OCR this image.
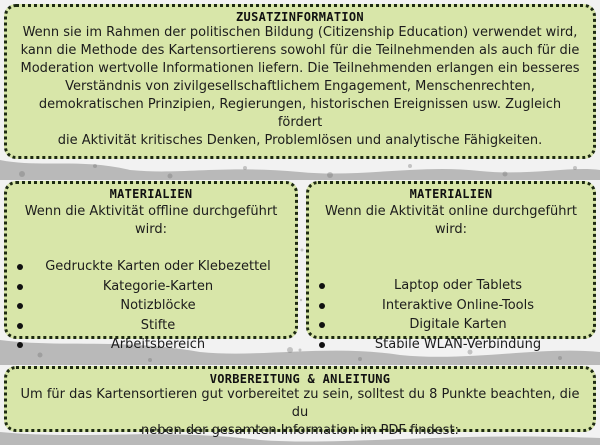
ZUSATZINFORMATION
Wenn sie im Rahmen der politischen Bildung (Citizenship Education) verwendet wird,
kann die Methode des Kartensortierens sowohl für die Teilnehmenden als auch für die
Moderation wertvolle Informationen liefern. Die Teilnehmenden erlangen ein besseres
Verständnis von zivilgesellschaftlichem Engagement, Menschenrechten,
demokratischen Prinzipien, Regierungen, historischen Ereignissen usw. Zugleich fördert
die Aktivität kritisches Denken, Problemlösen und analytische Fähigkeiten.
MATERIALIEN
Wenn die Aktivität offline durchgeführt wird:
Gedruckte Karten oder Klebezettel
Kategorie-Karten
Notizblöcke
Stifte
Arbeitsbereich
MATERIALIEN
Wenn die Aktivität online durchgeführt wird:
Laptop oder Tablets
Interaktive Online-Tools
Digitale Karten
Stabile WLAN-Verbindung
VORBEREITUNG & ANLEITUNG
Um für das Kartensortieren gut vorbereitet zu sein, solltest du 8 Punkte beachten, die du
neben der gesamten Information im PDF findest:
